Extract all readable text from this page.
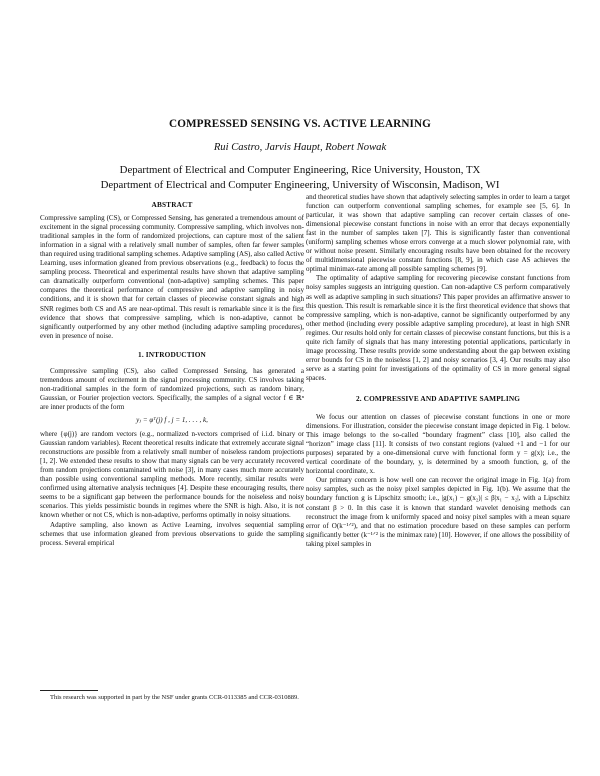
COMPRESSED SENSING VS. ACTIVE LEARNING
Rui Castro, Jarvis Haupt, Robert Nowak
Department of Electrical and Computer Engineering, Rice University, Houston, TX
Department of Electrical and Computer Engineering, University of Wisconsin, Madison, WI
ABSTRACT

Compressive sampling (CS), or Compressed Sensing, has generated a tremendous amount of excitement in the signal processing community. Compressive sampling, which involves non-traditional samples in the form of randomized projections, can capture most of the salient information in a signal with a relatively small number of samples, often far fewer samples than required using traditional sampling schemes. Adaptive sampling (AS), also called Active Learning, uses information gleaned from previous observations (e.g., feedback) to focus the sampling process. Theoretical and experimental results have shown that adaptive sampling can dramatically outperform conventional (non-adaptive) sampling schemes. This paper compares the theoretical performance of compressive and adaptive sampling in noisy conditions, and it is shown that for certain classes of piecewise constant signals and high SNR regimes both CS and AS are near-optimal. This result is remarkable since it is the first evidence that shows that compressive sampling, which is non-adaptive, cannot be significantly outperformed by any other method (including adaptive sampling procedures), even in presence of noise.

1. INTRODUCTION

Compressive sampling (CS), also called Compressed Sensing, has generated a tremendous amount of excitement in the signal processing community. CS involves taking non-traditional samples in the form of randomized projections, such as random binary, Gaussian, or Fourier projection vectors. Specifically, the samples of a signal vector f ∈ ℝⁿ are inner products of the form

yⱼ = φᵀ(j) f , j = 1, . . . , k,

where {φ(j)} are random vectors (e.g., normalized n-vectors comprised of i.i.d. binary or Gaussian random variables). Recent theoretical results indicate that extremely accurate signal reconstructions are possible from a relatively small number of noiseless random projections [1, 2]. We extended these results to show that many signals can be very accurately recovered from random projections contaminated with noise [3], in many cases much more accurately than possible using conventional sampling methods. More recently, similar results were confirmed using alternative analysis techniques [4]. Despite these encouraging results, there seems to be a significant gap between the performance bounds for the noiseless and noisy scenarios. This yields pessimistic bounds in regimes where the SNR is high. Also, it is not known whether or not CS, which is non-adaptive, performs optimally in noisy situations.

Adaptive sampling, also known as Active Learning, involves sequential sampling schemes that use information gleaned from previous observations to guide the sampling process. Several empirical

and theoretical studies have shown that adaptively selecting samples in order to learn a target function can outperform conventional sampling schemes, for example see [5, 6]. In particular, it was shown that adaptive sampling can recover certain classes of one-dimensional piecewise constant functions in noise with an error that decays exponentially fast in the number of samples taken [7]. This is significantly faster than conventional (uniform) sampling schemes whose errors converge at a much slower polynomial rate, with or without noise present. Similarly encouraging results have been obtained for the recovery of multidimensional piecewise constant functions [8, 9], in which case AS achieves the optimal minimax-rate among all possible sampling schemes [9].

The optimality of adaptive sampling for recovering piecewise constant functions from noisy samples suggests an intriguing question. Can non-adaptive CS perform comparatively as well as adaptive sampling in such situations? This paper provides an affirmative answer to this question. This result is remarkable since it is the first theoretical evidence that shows that compressive sampling, which is non-adaptive, cannot be significantly outperformed by any other method (including every possible adaptive sampling procedure), at least in high SNR regimes. Our results hold only for certain classes of piecewise constant functions, but this is a quite rich family of signals that has many interesting potential applications, particularly in image processing. These results provide some understanding about the gap between existing error bounds for CS in the noiseless [1, 2] and noisy scenarios [3, 4]. Our results may also serve as a starting point for investigations of the optimality of CS in more general signal spaces.

2. COMPRESSIVE AND ADAPTIVE SAMPLING

We focus our attention on classes of piecewise constant functions in one or more dimensions. For illustration, consider the piecewise constant image depicted in Fig. 1 below. This image belongs to the so-called “boundary fragment” class [10], also called the “horizon” image class [11]. It consists of two constant regions (valued +1 and −1 for our purposes) separated by a one-dimensional curve with functional form y = g(x); i.e., the vertical coordinate of the boundary, y, is determined by a smooth function, g, of the horizontal coordinate, x.

Our primary concern is how well one can recover the original image in Fig. 1(a) from noisy samples, such as the noisy pixel samples depicted in Fig. 1(b). We assume that the boundary function g is Lipschitz smooth; i.e., |g(x₁) − g(x₂)| ≤ β|x₁ − x₂|, with a Lipschitz constant β > 0. In this case it is known that standard wavelet denoising methods can reconstruct the image from k uniformly spaced and noisy pixel samples with a mean square error of O(k⁻¹ᐟ²), and that no estimation procedure based on these samples can perform significantly better (k⁻¹ᐟ² is the minimax rate) [10]. However, if one allows the possibility of taking pixel samples in

This research was supported in part by the NSF under grants CCR-0113385 and CCR-0310889.
